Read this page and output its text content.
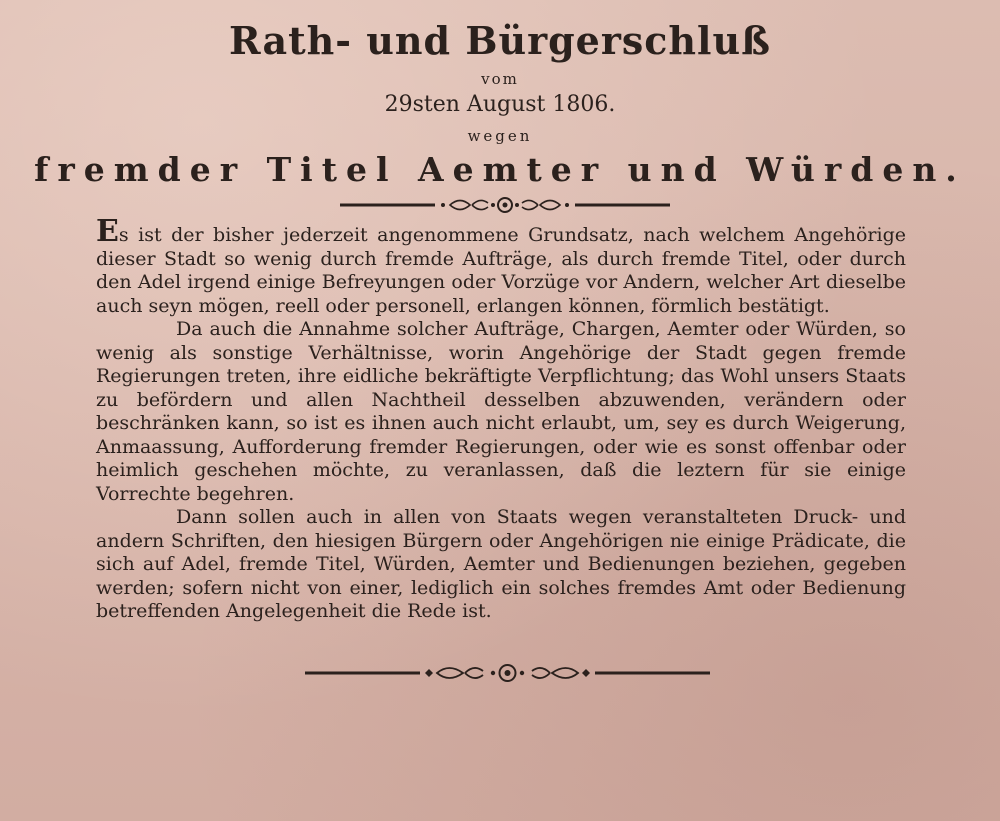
Rath- und Bürgerschluß
vom
29sten August 1806.
wegen
fremder Titel Aemter und Würden.

Es ist der bisher jederzeit angenommene Grundsatz, nach welchem Angehörige dieser Stadt so wenig durch fremde Aufträge, als durch fremde Titel, oder durch den Adel irgend einige Befreyungen oder Vorzüge vor Andern, welcher Art dieselbe auch seyn mögen, reell oder personell, erlangen können, förmlich bestätigt.

Da auch die Annahme solcher Aufträge, Chargen, Aemter oder Würden, so wenig als sonstige Verhältnisse, worin Angehörige der Stadt gegen fremde Regierungen treten, ihre eidliche bekräftigte Verpflichtung; das Wohl unsers Staats zu befördern und allen Nachtheil desselben abzuwenden, verändern oder beschränken kann, so ist es ihnen auch nicht erlaubt, um, sey es durch Weigerung, Anmaassung, Aufforderung fremder Regierungen, oder wie es sonst offenbar oder heimlich geschehen möchte, zu veranlassen, daß die leztern für sie einige Vorrechte begehren.

Dann sollen auch in allen von Staats wegen veranstalteten Druck- und andern Schriften, den hiesigen Bürgern oder Angehörigen nie einige Prädicate, die sich auf Adel, fremde Titel, Würden, Aemter und Bedienungen beziehen, gegeben werden; sofern nicht von einer, lediglich ein solches fremdes Amt oder Bedienung betreffenden Angelegenheit die Rede ist.
